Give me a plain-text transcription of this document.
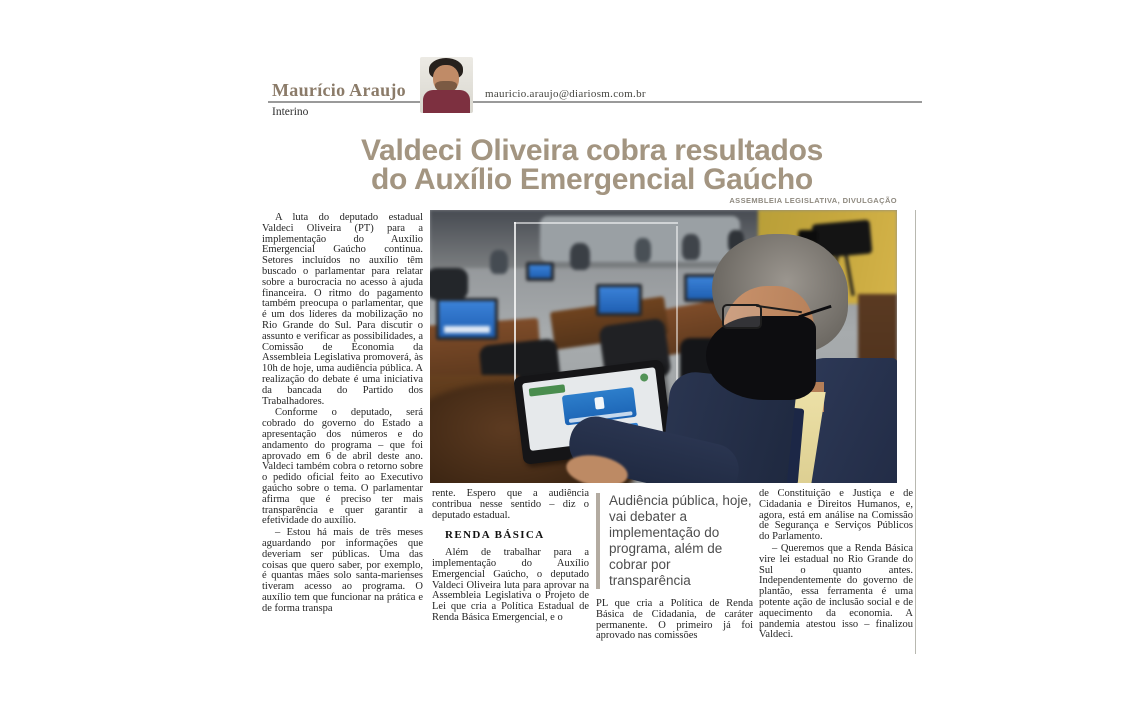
Maurício Araujo
Interino
mauricio.araujo@diariosm.com.br
Valdeci Oliveira cobra resultados
do Auxílio Emergencial Gaúcho
ASSEMBLEIA LEGISLATIVA, DIVULGAÇÃO

A luta do deputado estadual Valdeci Oliveira (PT) para a implementação do Auxílio Emergencial Gaúcho continua. Setores incluídos no auxílio têm buscado o parlamentar para relatar sobre a burocracia no acesso à ajuda financeira. O ritmo do pagamento também preocupa o parlamentar, que é um dos líderes da mobilização no Rio Grande do Sul. Para discutir o assunto e verificar as possibilidades, a Comissão de Economia da Assembleia Legislativa promoverá, às 10h de hoje, uma audiência pública. A realização do debate é uma iniciativa da bancada do Partido dos Trabalhadores.

Conforme o deputado, será cobrado do governo do Estado a apresentação dos números e do andamento do programa – que foi aprovado em 6 de abril deste ano. Valdeci também cobra o retorno sobre o pedido oficial feito ao Executivo gaúcho sobre o tema. O parlamentar afirma que é preciso ter mais transparência e quer garantir a efetividade do auxílio.

– Estou há mais de três meses aguardando por informações que deveriam ser públicas. Uma das coisas que quero saber, por exemplo, é quantas mães solo santa-marienses tiveram acesso ao programa. O auxílio tem que funcionar na prática e de forma transpa

rente. Espero que a audiência contribua nesse sentido – diz o deputado estadual.

RENDA BÁSICA

Além de trabalhar para a implementação do Auxílio Emergencial Gaúcho, o deputado Valdeci Oliveira luta para aprovar na Assembleia Legislativa o Projeto de Lei que cria a Política Estadual de Renda Básica Emergencial, e o

Audiência pública, hoje, vai debater a implementação do programa, além de cobrar por transparência

PL que cria a Política de Renda Básica de Cidadania, de caráter permanente. O primeiro já foi aprovado nas comissões

de Constituição e Justiça e de Cidadania e Direitos Humanos, e, agora, está em análise na Comissão de Segurança e Serviços Públicos do Parlamento.

– Queremos que a Renda Básica vire lei estadual no Rio Grande do Sul o quanto antes. Independentemente do governo de plantão, essa ferramenta é uma potente ação de inclusão social e de aquecimento da economia. A pandemia atestou isso – finalizou Valdeci.
